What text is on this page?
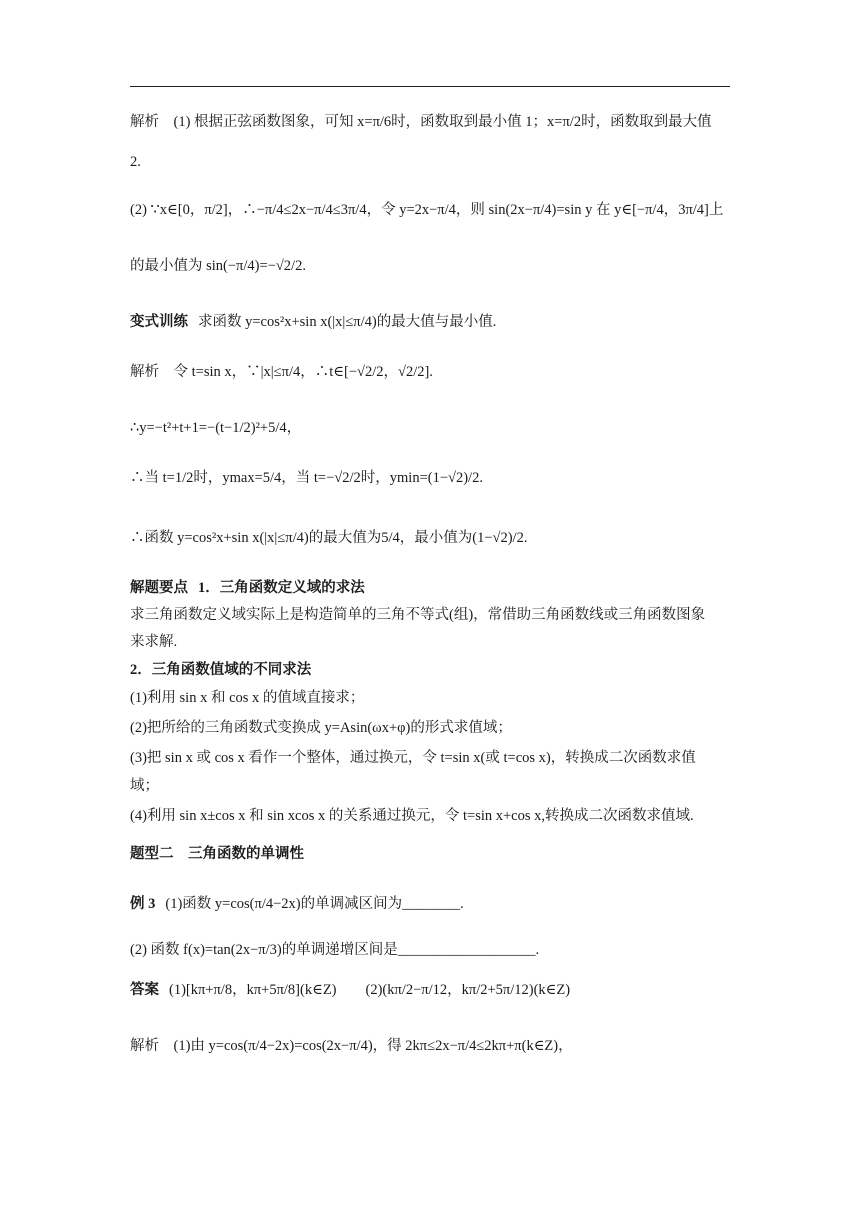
解析　(1) 根据正弦函数图象，可知 x=π/6时，函数取到最小值 1；x=π/2时，函数取到最大值
2.
(2) ∵x∈[0，π/2]，∴−π/4≤2x−π/4≤3π/4，令 y=2x−π/4，则 sin(2x−π/4)=sin y 在 y∈[−π/4，3π/4]上
的最小值为 sin(−π/4)=−√2/2.
变式训练 求函数 y=cos²x+sin x(|x|≤π/4)的最大值与最小值.
解析　令 t=sin x，∵|x|≤π/4，∴t∈[−√2/2，√2/2].
∴y=−t²+t+1=−(t−1/2)²+5/4，
∴当 t=1/2时，ymax=5/4，当 t=−√2/2时，ymin=(1−√2)/2.
∴函数 y=cos²x+sin x(|x|≤π/4)的最大值为5/4，最小值为(1−√2)/2.
解题要点 1．三角函数定义域的求法
求三角函数定义域实际上是构造简单的三角不等式(组)，常借助三角函数线或三角函数图象
来求解.
2．三角函数值域的不同求法
(1)利用 sin x 和 cos x 的值域直接求；
(2)把所给的三角函数式变换成 y=Asin(ωx+φ)的形式求值域；
(3)把 sin x 或 cos x 看作一个整体，通过换元，令 t=sin x(或 t=cos x)，转换成二次函数求值
域；
(4)利用 sin x±cos x 和 sin xcos x 的关系通过换元，令 t=sin x+cos x,转换成二次函数求值域.
题型二　三角函数的单调性
例 3 (1)函数 y=cos(π/4−2x)的单调减区间为________.
(2) 函数 f(x)=tan(2x−π/3)的单调递增区间是___________________.
答案 (1)[kπ+π/8，kπ+5π/8](k∈Z)　　(2)(kπ/2−π/12，kπ/2+5π/12)(k∈Z)
解析　(1)由 y=cos(π/4−2x)=cos(2x−π/4)，得 2kπ≤2x−π/4≤2kπ+π(k∈Z)，
